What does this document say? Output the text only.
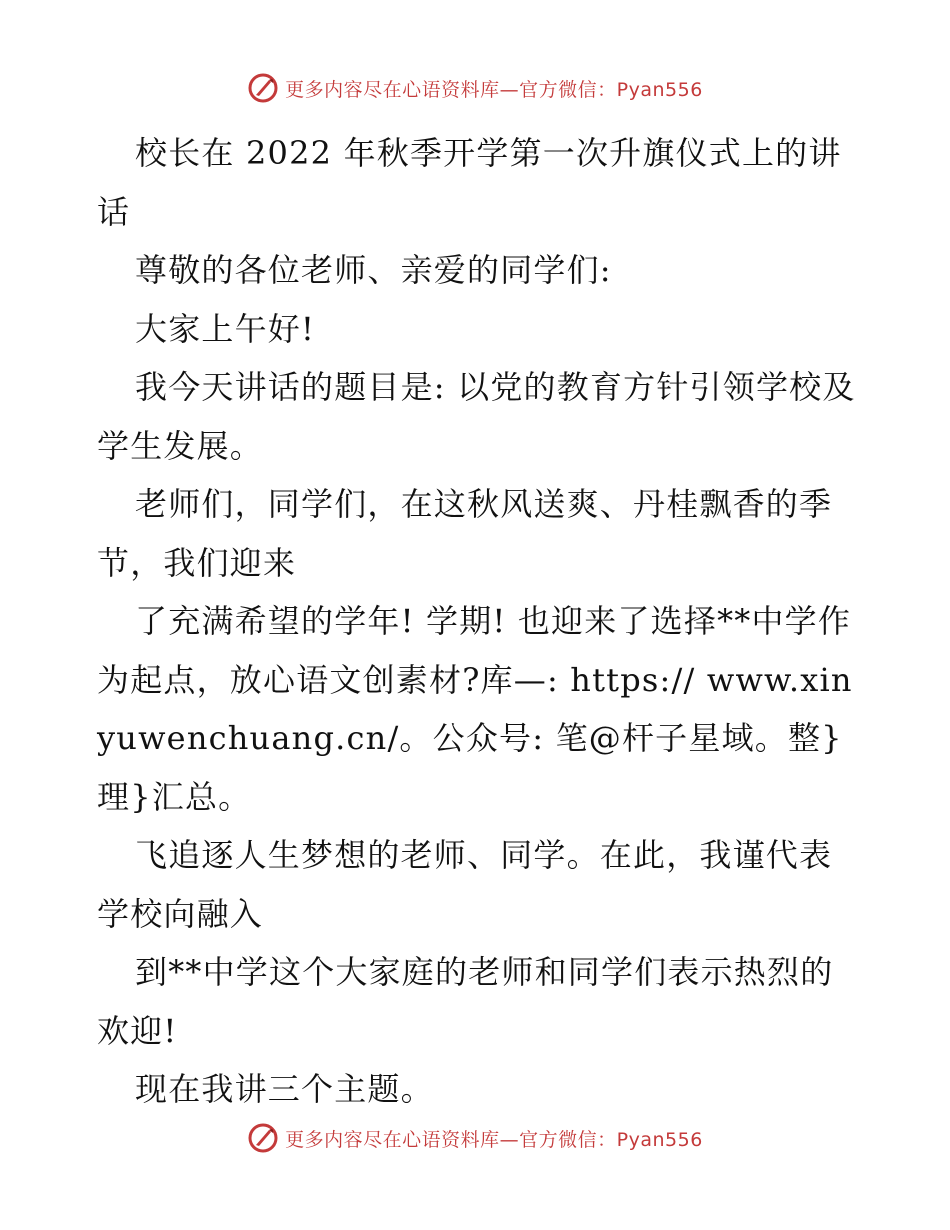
更多内容尽在心语资料库—官方微信：Pyan556

校长在 2022 年秋季开学第一次升旗仪式上的讲话

尊敬的各位老师、亲爱的同学们:

大家上午好!

我今天讲话的题目是: 以党的教育方针引领学校及学生发展。

老师们，同学们，在这秋风送爽、丹桂飘香的季节，我们迎来

了充满希望的学年! 学期! 也迎来了选择**中学作为起点，放心语文创素材?库—: https:// www.xinyuwenchuang.cn/。公众号: 笔@杆子星域。整}理}汇总。

飞追逐人生梦想的老师、同学。在此，我谨代表学校向融入

到**中学这个大家庭的老师和同学们表示热烈的欢迎!

现在我讲三个主题。

更多内容尽在心语资料库—官方微信：Pyan556
